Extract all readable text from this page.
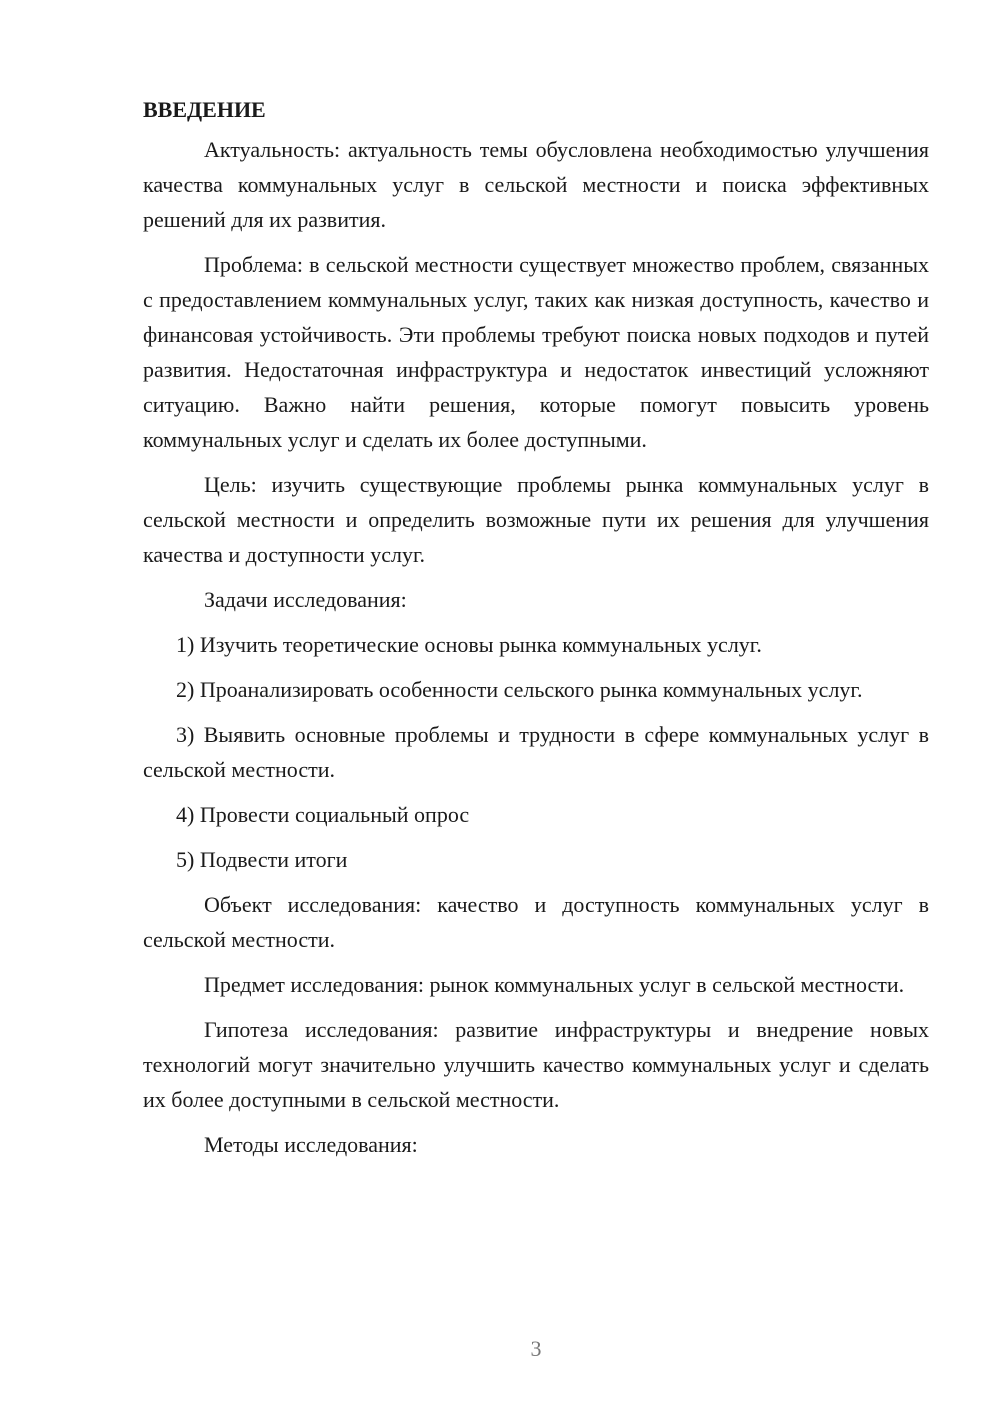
ВВЕДЕНИЕ

Актуальность: актуальность темы обусловлена необходимостью улучшения качества коммунальных услуг в сельской местности и поиска эффективных решений для их развития.

Проблема: в сельской местности существует множество проблем, связанных с предоставлением коммунальных услуг, таких как низкая доступность, качество и финансовая устойчивость. Эти проблемы требуют поиска новых подходов и путей развития. Недостаточная инфраструктура и недостаток инвестиций усложняют ситуацию. Важно найти решения, которые помогут повысить уровень коммунальных услуг и сделать их более доступными.

Цель: изучить существующие проблемы рынка коммунальных услуг в сельской местности и определить возможные пути их решения для улучшения качества и доступности услуг.

Задачи исследования:

1) Изучить теоретические основы рынка коммунальных услуг.

2) Проанализировать особенности сельского рынка коммунальных услуг.

3) Выявить основные проблемы и трудности в сфере коммунальных услуг в сельской местности.

4) Провести социальный опрос

5) Подвести итоги

Объект исследования: качество и доступность коммунальных услуг в сельской местности.

Предмет исследования: рынок коммунальных услуг в сельской местности.

Гипотеза исследования: развитие инфраструктуры и внедрение новых технологий могут значительно улучшить качество коммунальных услуг и сделать их более доступными в сельской местности.

Методы исследования:

3
